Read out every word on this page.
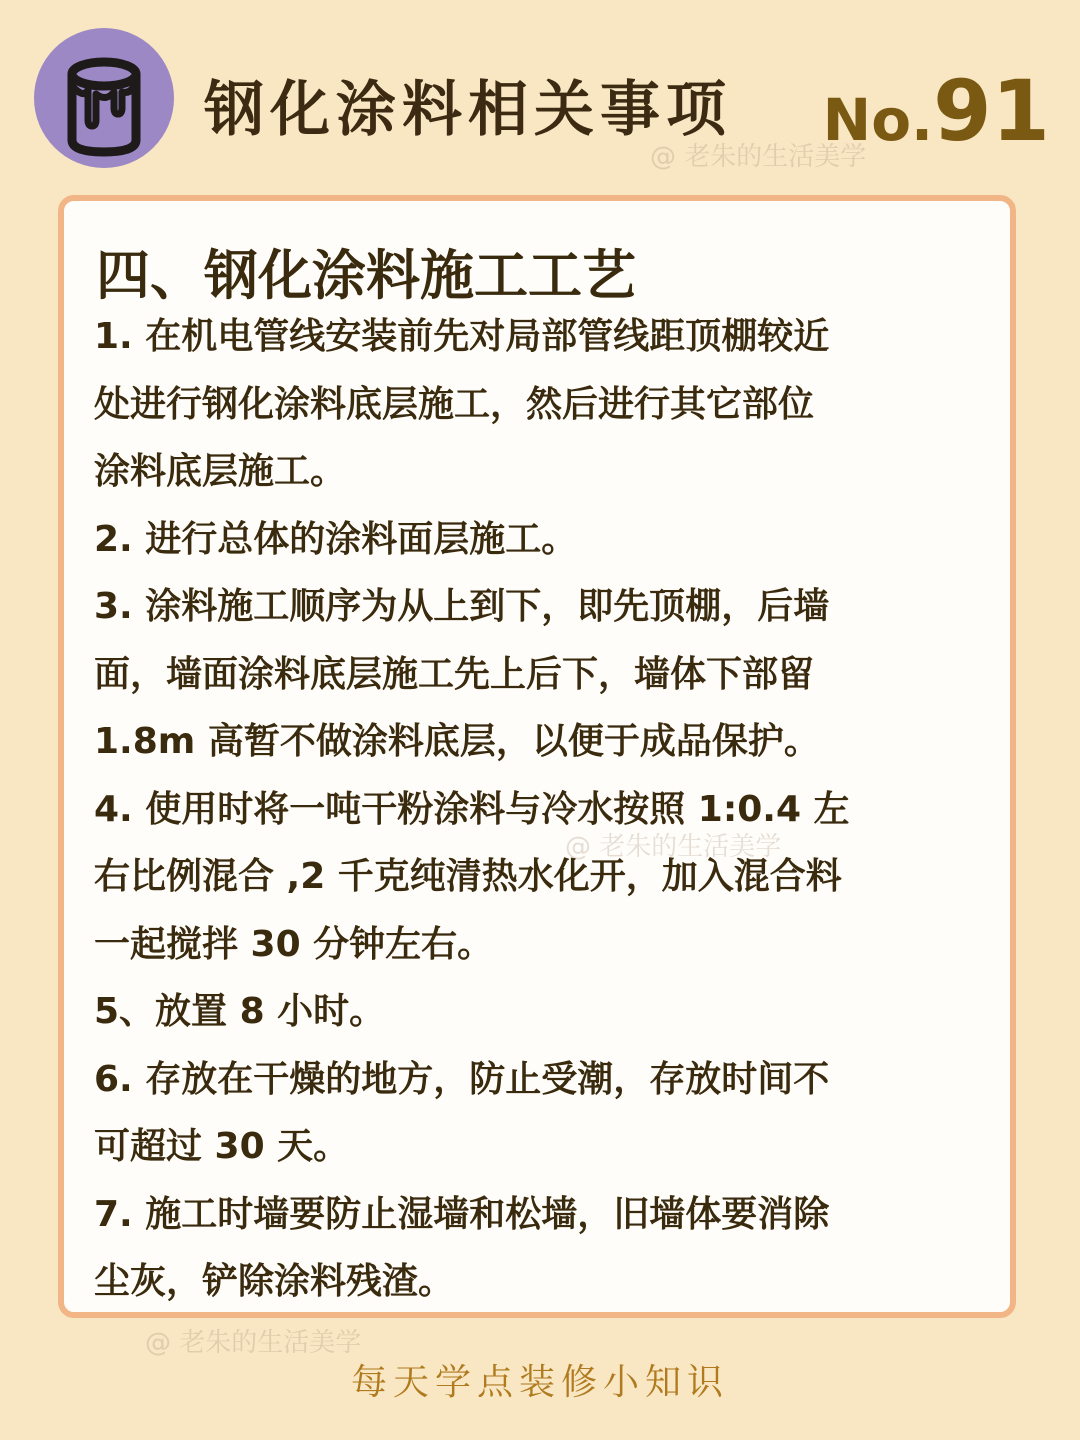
钢化涂料相关事项 No.91
@ 老朱的生活美学
@ 老朱的生活美学
@ 老朱的生活美学
四、钢化涂料施工工艺

1. 在机电管线安装前先对局部管线距顶棚较近
处进行钢化涂料底层施工，然后进行其它部位
涂料底层施工。

2. 进行总体的涂料面层施工。

3. 涂料施工顺序为从上到下，即先顶棚，后墙
面，墙面涂料底层施工先上后下，墙体下部留
1.8m 高暂不做涂料底层，以便于成品保护。

4. 使用时将一吨干粉涂料与冷水按照 1:0.4 左
右比例混合 ,2 千克纯清热水化开，加入混合料
一起搅拌 30 分钟左右。

5、放置 8 小时。

6. 存放在干燥的地方，防止受潮，存放时间不
可超过 30 天。

7. 施工时墙要防止湿墙和松墙，旧墙体要消除
尘灰，铲除涂料残渣。

每天学点装修小知识
